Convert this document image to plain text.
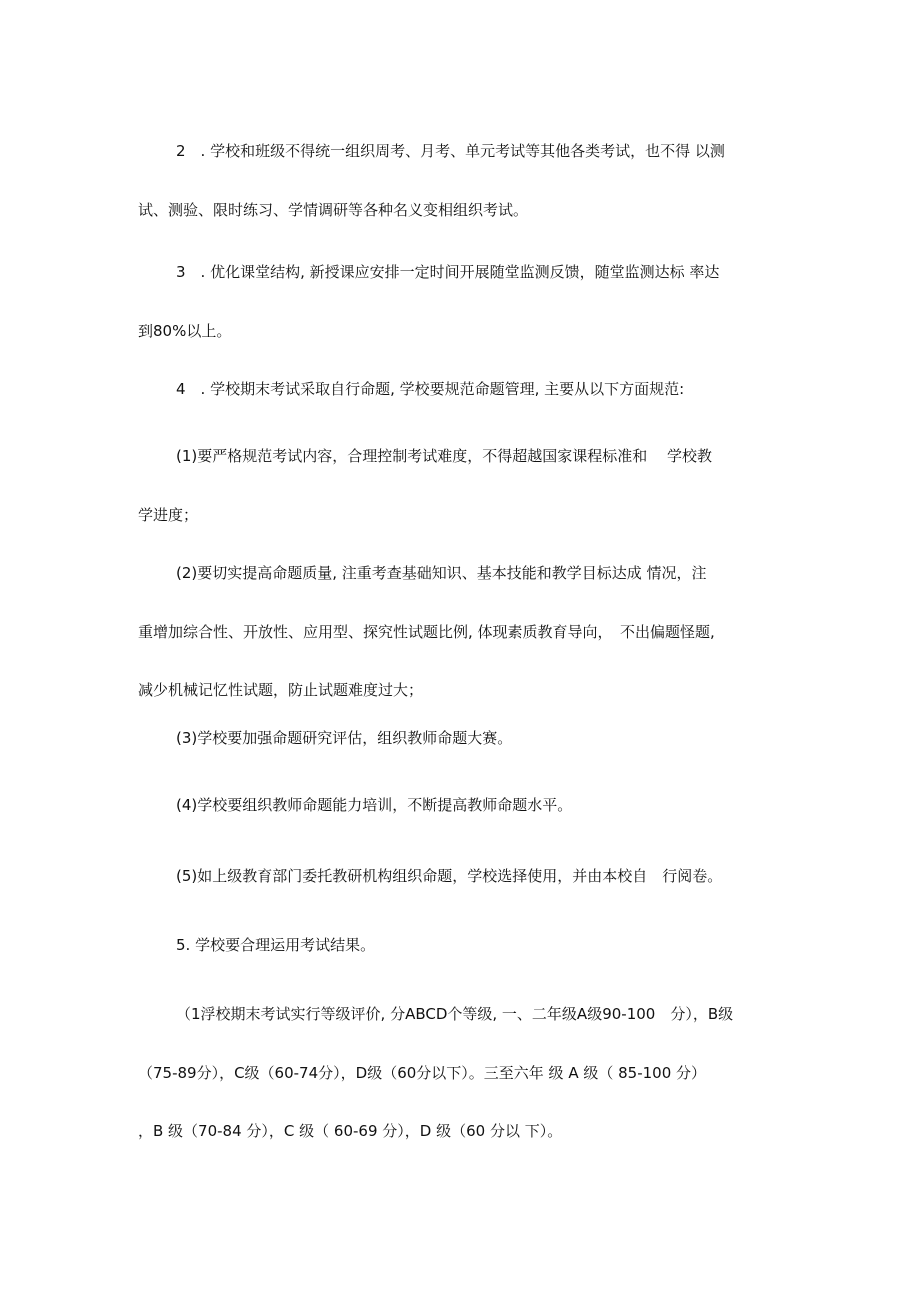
2　. 学校和班级不得统一组织周考、月考、单元考试等其他各类考试，也不得 以测
试、测验、限时练习、学情调研等各种名义变相组织考试。
3　. 优化课堂结构, 新授课应安排一定时间开展随堂监测反馈，随堂监测达标 率达
到80%以上。
4　. 学校期末考试采取自行命题, 学校要规范命题管理, 主要从以下方面规范:
(1)要严格规范考试内容，合理控制考试难度，不得超越国家课程标准和　 学校教
学进度；
(2)要切实提高命题质量, 注重考查基础知识、基本技能和教学目标达成 情况，注
重增加综合性、开放性、应用型、探究性试题比例, 体现素质教育导向，　不出偏题怪题,
减少机械记忆性试题，防止试题难度过大；
(3)学校要加强命题研究评估，组织教师命题大赛。
(4)学校要组织教师命题能力培训，不断提高教师命题水平。
(5)如上级教育部门委托教研机构组织命题，学校选择使用，并由本校自　行阅卷。
5. 学校要合理运用考试结果。
（1浮校期末考试实行等级评价, 分ABCD个等级, 一、二年级A级90-100　分），B级
（75-89分），C级（60-74分），D级（60分以下）。三至六年 级 A 级（ 85-100 分）
，B 级（70-84 分），C 级（ 60-69 分），D 级（60 分以 下）。
